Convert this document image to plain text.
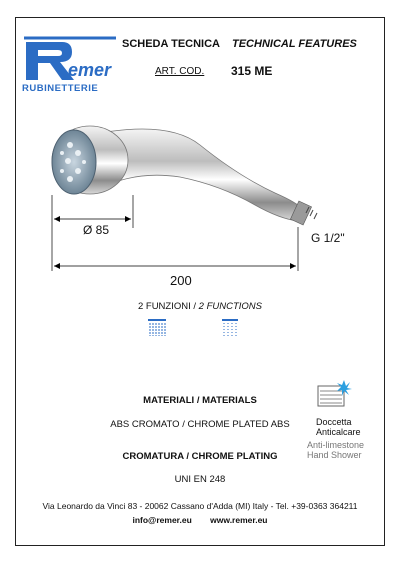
emer
RUBINETTERIE
SCHEDA TECNICA TECHNICAL FEATURES
ART. COD. 315 ME
Ø 85
G 1/2"
200
2 FUNZIONI / 2 FUNCTIONS
MATERIALI / MATERIALS
ABS CROMATO / CHROME PLATED ABS
CROMATURA / CHROME PLATING
UNI EN 248
Doccetta
Anticalcare
Anti-limestone
Hand Shower
Via Leonardo da Vinci 83 - 20062 Cassano d'Adda (MI) Italy - Tel. +39-0363 364211
info@remer.eu www.remer.eu
